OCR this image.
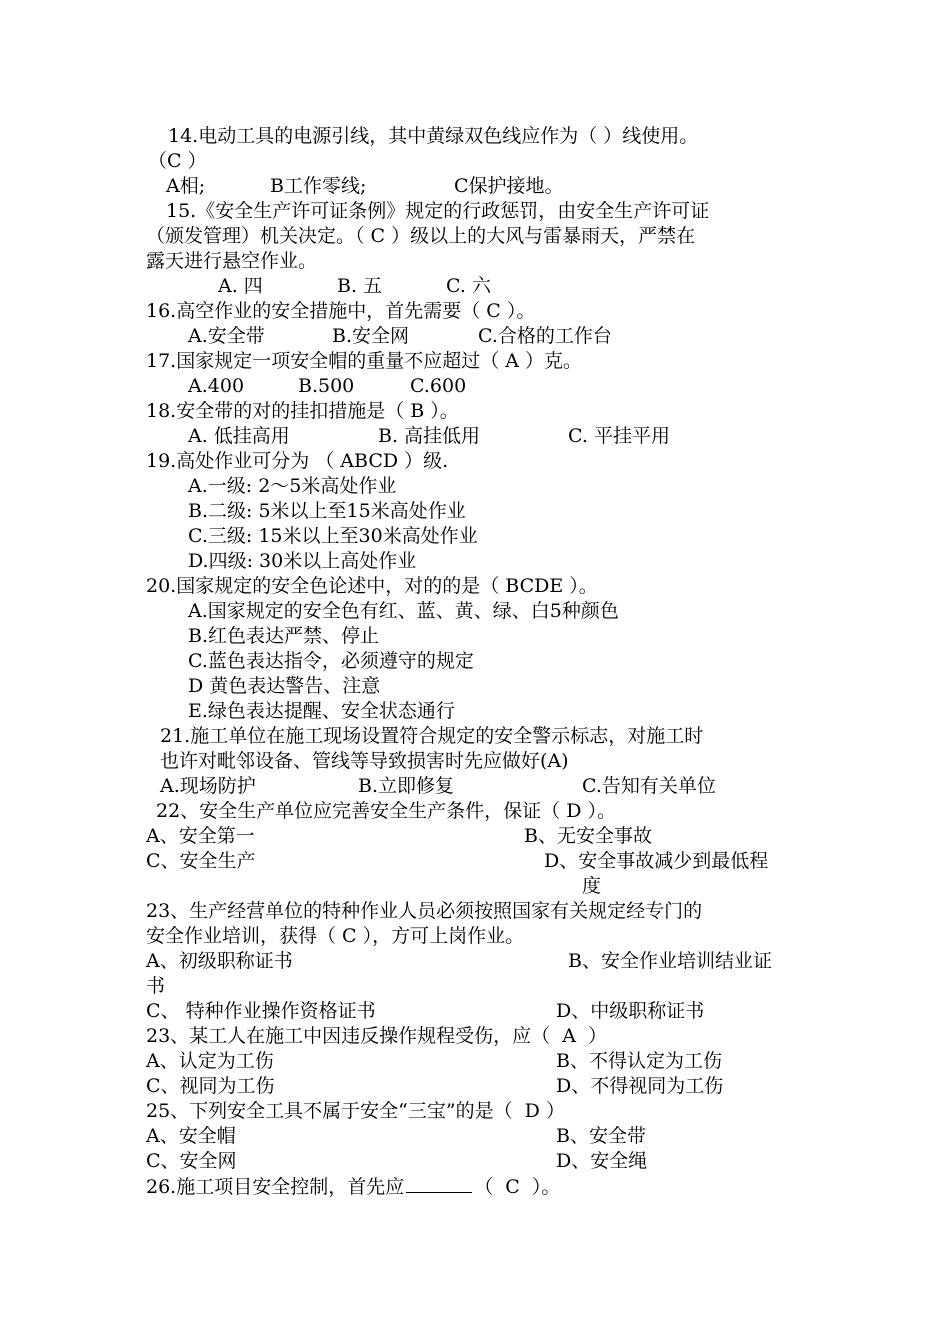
14.电动工具的电源引线，其中黄绿双色线应作为（ ）线使用。
（C ）
A相;	B工作零线;	C保护接地。
15.《安全生产许可证条例》规定的行政惩罚，由安全生产许可证
（颁发管理）机关决定。（ C ）级以上的大风与雷暴雨天，严禁在
露天进行悬空作业。
A. 四	B. 五	C. 六
16.高空作业的安全措施中，首先需要（ C ）。
A.安全带	B.安全网	C.合格的工作台
17.国家规定一项安全帽的重量不应超过（ A ）克。
A.400	B.500	C.600
18.安全带的对的挂扣措施是（ B ）。
A. 低挂高用	B. 高挂低用	C. 平挂平用
19.高处作业可分为 （ ABCD ）级.
A.一级: 2～5米高处作业
B.二级: 5米以上至15米高处作业
C.三级: 15米以上至30米高处作业
D.四级: 30米以上高处作业
20.国家规定的安全色论述中，对的的是（ BCDE ）。
A.国家规定的安全色有红、蓝、黄、绿、白5种颜色
B.红色表达严禁、停止
C.蓝色表达指令，必须遵守的规定
D 黄色表达警告、注意
E.绿色表达提醒、安全状态通行
21.施工单位在施工现场设置符合规定的安全警示标志，对施工时
也许对毗邻设备、管线等导致损害时先应做好(A)
A.现场防护	B.立即修复	C.告知有关单位
22、安全生产单位应完善安全生产条件，保证（ D ）。
A、安全第一	B、无安全事故
C、安全生产	D、安全事故减少到最低程
度
23、生产经营单位的特种作业人员必须按照国家有关规定经专门的
安全作业培训，获得（ C ），方可上岗作业。
A、初级职称证书	B、安全作业培训结业证
书
C、 特种作业操作资格证书	D、中级职称证书
23、某工人在施工中因违反操作规程受伤，应（  A  ）
A、认定为工伤	B、不得认定为工伤
C、视同为工伤	D、不得视同为工伤
25、下列安全工具不属于安全“三宝”的是（  D ）
A、安全帽	B、安全带
C、安全网	D、安全绳
26.施工项目安全控制，首先应	（  C  ）。
